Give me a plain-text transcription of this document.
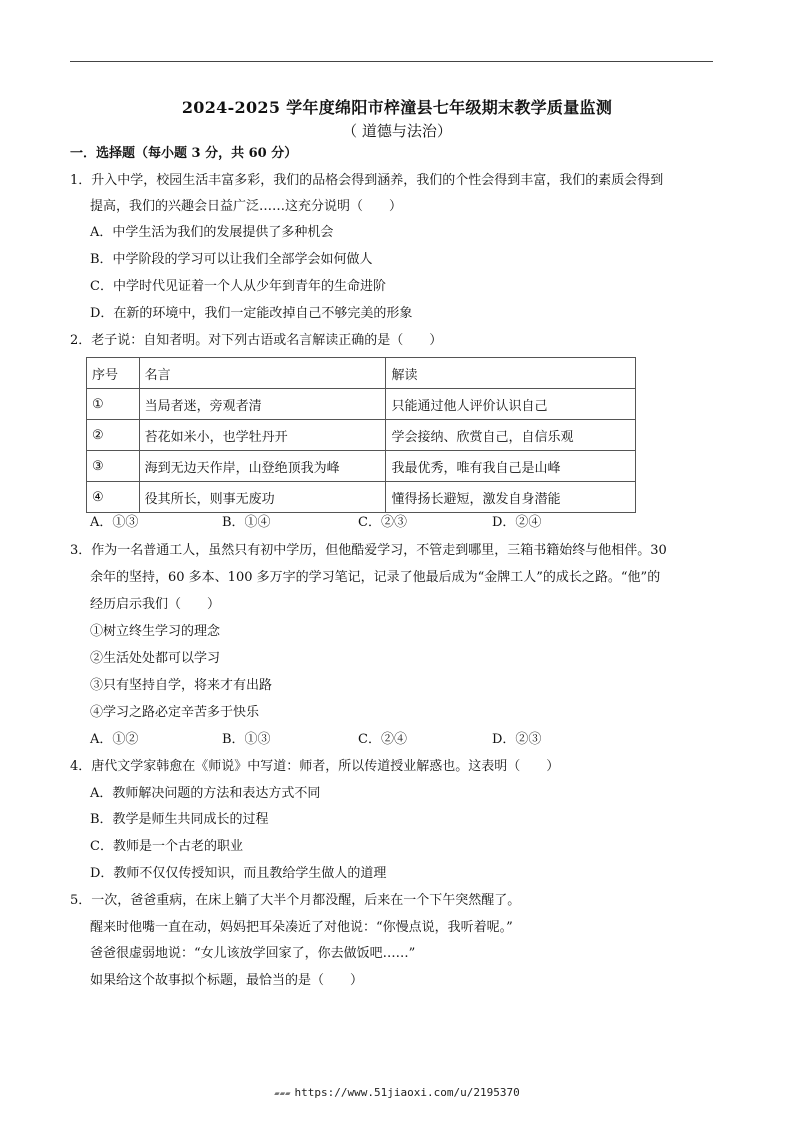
2024-2025 学年度绵阳市梓潼县七年级期末教学质量监测
（ 道德与法治）
一．选择题（每小题 3 分，共 60 分）
1．升入中学，校园生活丰富多彩，我们的品格会得到涵养，我们的个性会得到丰富，我们的素质会得到
提高，我们的兴趣会日益广泛……这充分说明（　　）
A．中学生活为我们的发展提供了多种机会
B．中学阶段的学习可以让我们全部学会如何做人
C．中学时代见证着一个人从少年到青年的生命进阶
D．在新的环境中，我们一定能改掉自己不够完美的形象
2．老子说：自知者明。对下列古语或名言解读正确的是（　　）
序号	名言	解读
①	当局者迷，旁观者清	只能通过他人评价认识自己
②	苔花如米小，也学牡丹开	学会接纳、欣赏自己，自信乐观
③	海到无边天作岸，山登绝顶我为峰	我最优秀，唯有我自己是山峰
④	役其所长，则事无废功	懂得扬长避短，激发自身潜能
A．①③	B．①④	C．②③	D．②④
3．作为一名普通工人，虽然只有初中学历，但他酷爱学习，不管走到哪里，三箱书籍始终与他相伴。30
余年的坚持，60 多本、100 多万字的学习笔记，记录了他最后成为“金牌工人”的成长之路。“他”的
经历启示我们（　　）
①树立终生学习的理念
②生活处处都可以学习
③只有坚持自学，将来才有出路
④学习之路必定辛苦多于快乐
A．①②	B．①③	C．②④	D．②③
4．唐代文学家韩愈在《师说》中写道：师者，所以传道授业解惑也。这表明（　　）
A．教师解决问题的方法和表达方式不同
B．教学是师生共同成长的过程
C．教师是一个古老的职业
D．教师不仅仅传授知识，而且教给学生做人的道理
5．一次，爸爸重病，在床上躺了大半个月都没醒，后来在一个下午突然醒了。
醒来时他嘴一直在动，妈妈把耳朵凑近了对他说：“你慢点说，我听着呢。”
爸爸很虚弱地说：“女儿该放学回家了，你去做饭吧……”
如果给这个故事拟个标题，最恰当的是（　　）
▰▰▰ https://www.51jiaoxi.com/u/2195370
